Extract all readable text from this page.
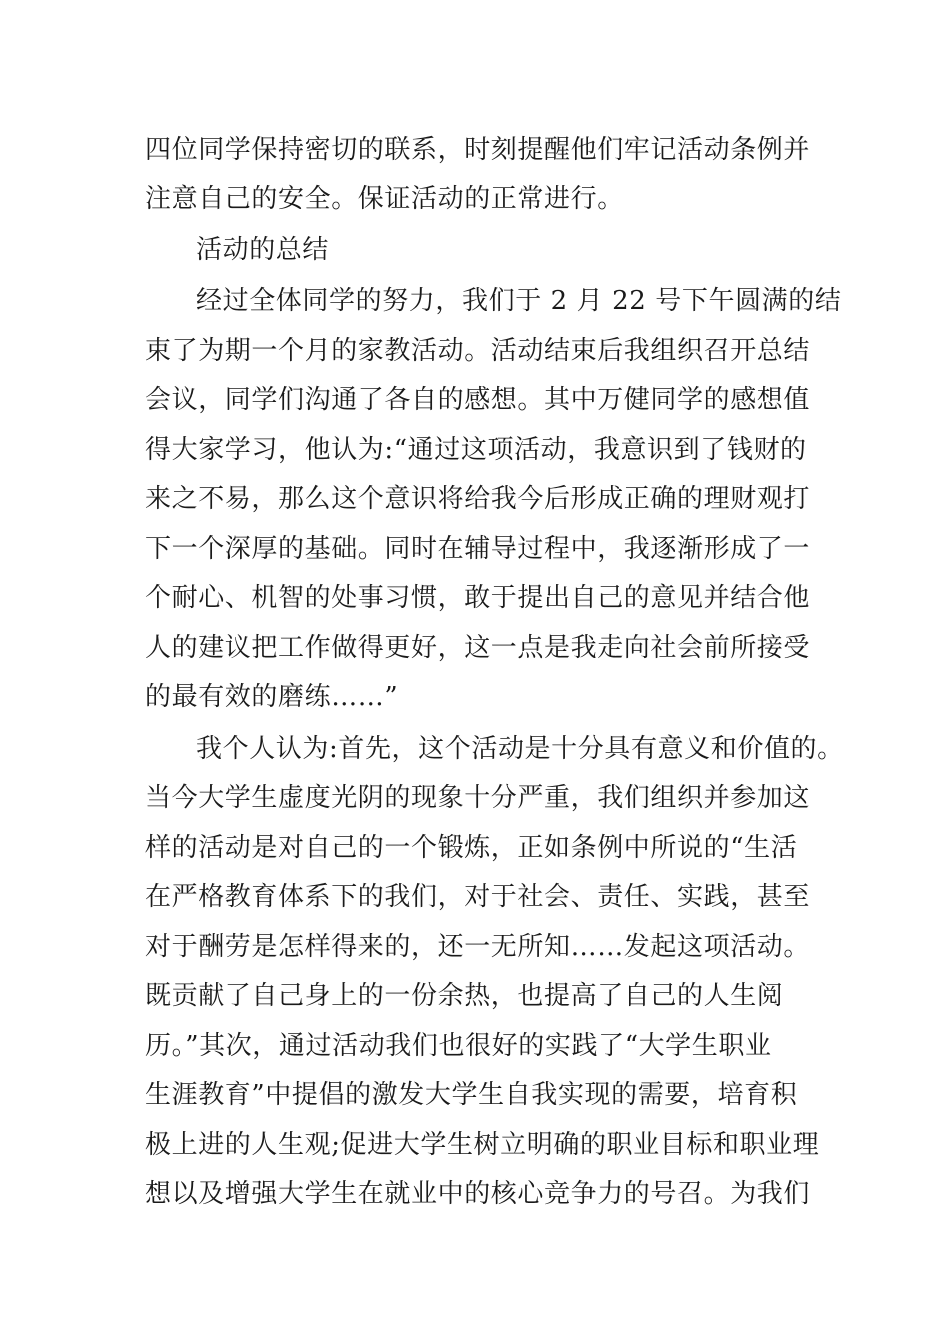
四位同学保持密切的联系，时刻提醒他们牢记活动条例并
注意自己的安全。保证活动的正常进行。
活动的总结
经过全体同学的努力，我们于 2 月 22 号下午圆满的结
束了为期一个月的家教活动。活动结束后我组织召开总结
会议，同学们沟通了各自的感想。其中万健同学的感想值
得大家学习，他认为:“通过这项活动，我意识到了钱财的
来之不易，那么这个意识将给我今后形成正确的理财观打
下一个深厚的基础。同时在辅导过程中，我逐渐形成了一
个耐心、机智的处事习惯，敢于提出自己的意见并结合他
人的建议把工作做得更好，这一点是我走向社会前所接受
的最有效的磨练……”
我个人认为:首先，这个活动是十分具有意义和价值的。
当今大学生虚度光阴的现象十分严重，我们组织并参加这
样的活动是对自己的一个锻炼，正如条例中所说的“生活
在严格教育体系下的我们，对于社会、责任、实践，甚至
对于酬劳是怎样得来的，还一无所知……发起这项活动。
既贡献了自己身上的一份余热，也提高了自己的人生阅
历。”其次，通过活动我们也很好的实践了“大学生职业
生涯教育”中提倡的激发大学生自我实现的需要，培育积
极上进的人生观;促进大学生树立明确的职业目标和职业理
想以及增强大学生在就业中的核心竞争力的号召。为我们
